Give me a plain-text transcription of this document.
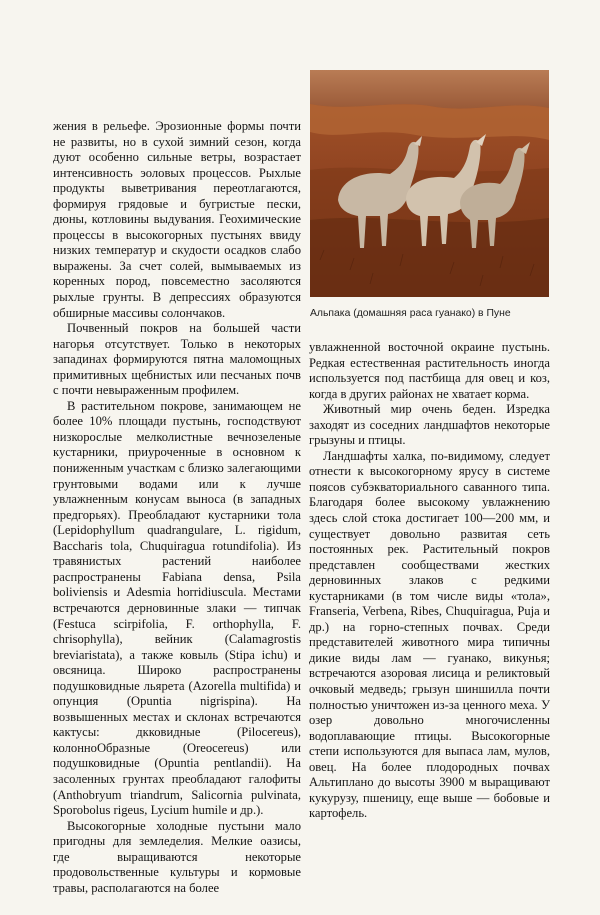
жения в рельефе. Эрозионные формы почти не развиты, но в сухой зимний сезон, когда дуют особенно сильные ветры, возрастает интенсивность эоловых процессов. Рыхлые продукты выветривания переотлагаются, формируя грядовые и бугристые пески, дюны, котловины выдувания. Геохимические процессы в высокогорных пустынях ввиду низких температур и скудости осадков слабо выражены. За счет солей, вымываемых из коренных пород, повсеместно засоляются рыхлые грунты. В депрессиях образуются обширные массивы солончаков.

Почвенный покров на большей части нагорья отсутствует. Только в некоторых западинах формируются пятна маломощных примитивных щебнистых или песчаных почв с почти невыраженным профилем.

В растительном покрове, занимающем не более 10% площади пустынь, господствуют низкорослые мелколистные вечнозеленые кустарники, приуроченные в основном к пониженным участкам с близко залегающими грунтовыми водами или к лучше увлажненным конусам выноса (в западных предгорьях). Преобладают кустарники тола (Lepidophyllum quadrangulare, L. rigidum, Baccharis tola, Chuquiragua rotundifolia). Из травянистых растений наиболее распространены Fabiana densa, Psila boliviensis и Adesmia horridiuscula. Местами встречаются дерновинные злаки — типчак (Festuca scirpifolia, F. orthophylla, F. chrisophylla), вейник (Calamagrostis breviaristata), а также ковыль (Stipa ichu) и овсяница. Широко распространены подушковидные льярета (Azorella multifida) и опунция (Opuntia nigrispina). На возвышенных местах и склонах встречаются кактусы: дкковидные (Pilocereus), колонноОбразные (Oreocereus) или подушковидные (Opuntia pentlandii). На засоленных грунтах преобладают галофиты (Anthobryum triandrum, Salicornia pulvinata, Sporobolus rigeus, Lycium humile и др.).

Высокогорные холодные пустыни мало пригодны для земледелия. Мелкие оазисы, где выращиваются некоторые продовольственные культуры и кормовые травы, располагаются на более

Альпака (домашняя раса гуанако) в Пуне

увлажненной восточной окраине пустынь. Редкая естественная растительность иногда используется под пастбища для овец и коз, когда в других районах не хватает корма.

Животный мир очень беден. Изредка заходят из соседних ландшафтов некоторые грызуны и птицы.

Ландшафты халка, по-видимому, следует отнести к высокогорному ярусу в системе поясов субэкваториального саванного типа. Благодаря более высокому увлажнению здесь слой стока достигает 100—200 мм, и существует довольно развитая сеть постоянных рек. Растительный покров представлен сообществами жестких дерновинных злаков с редкими кустарниками (в том числе виды «тола», Franseria, Verbena, Ribes, Chuquiragua, Puja и др.) на горно-степных почвах. Среди представителей животного мира типичны дикие виды лам — гуанако, викунья; встречаются азоровая лисица и реликтовый очковый медведь; грызун шиншилла почти полностью уничтожен из-за ценного меха. У озер довольно многочисленны водоплавающие птицы. Высокогорные степи используются для выпаса лам, мулов, овец. На более плодородных почвах Альтиплано до высоты 3900 м выращивают кукурузу, пшеницу, еще выше — бобовые и картофель.
